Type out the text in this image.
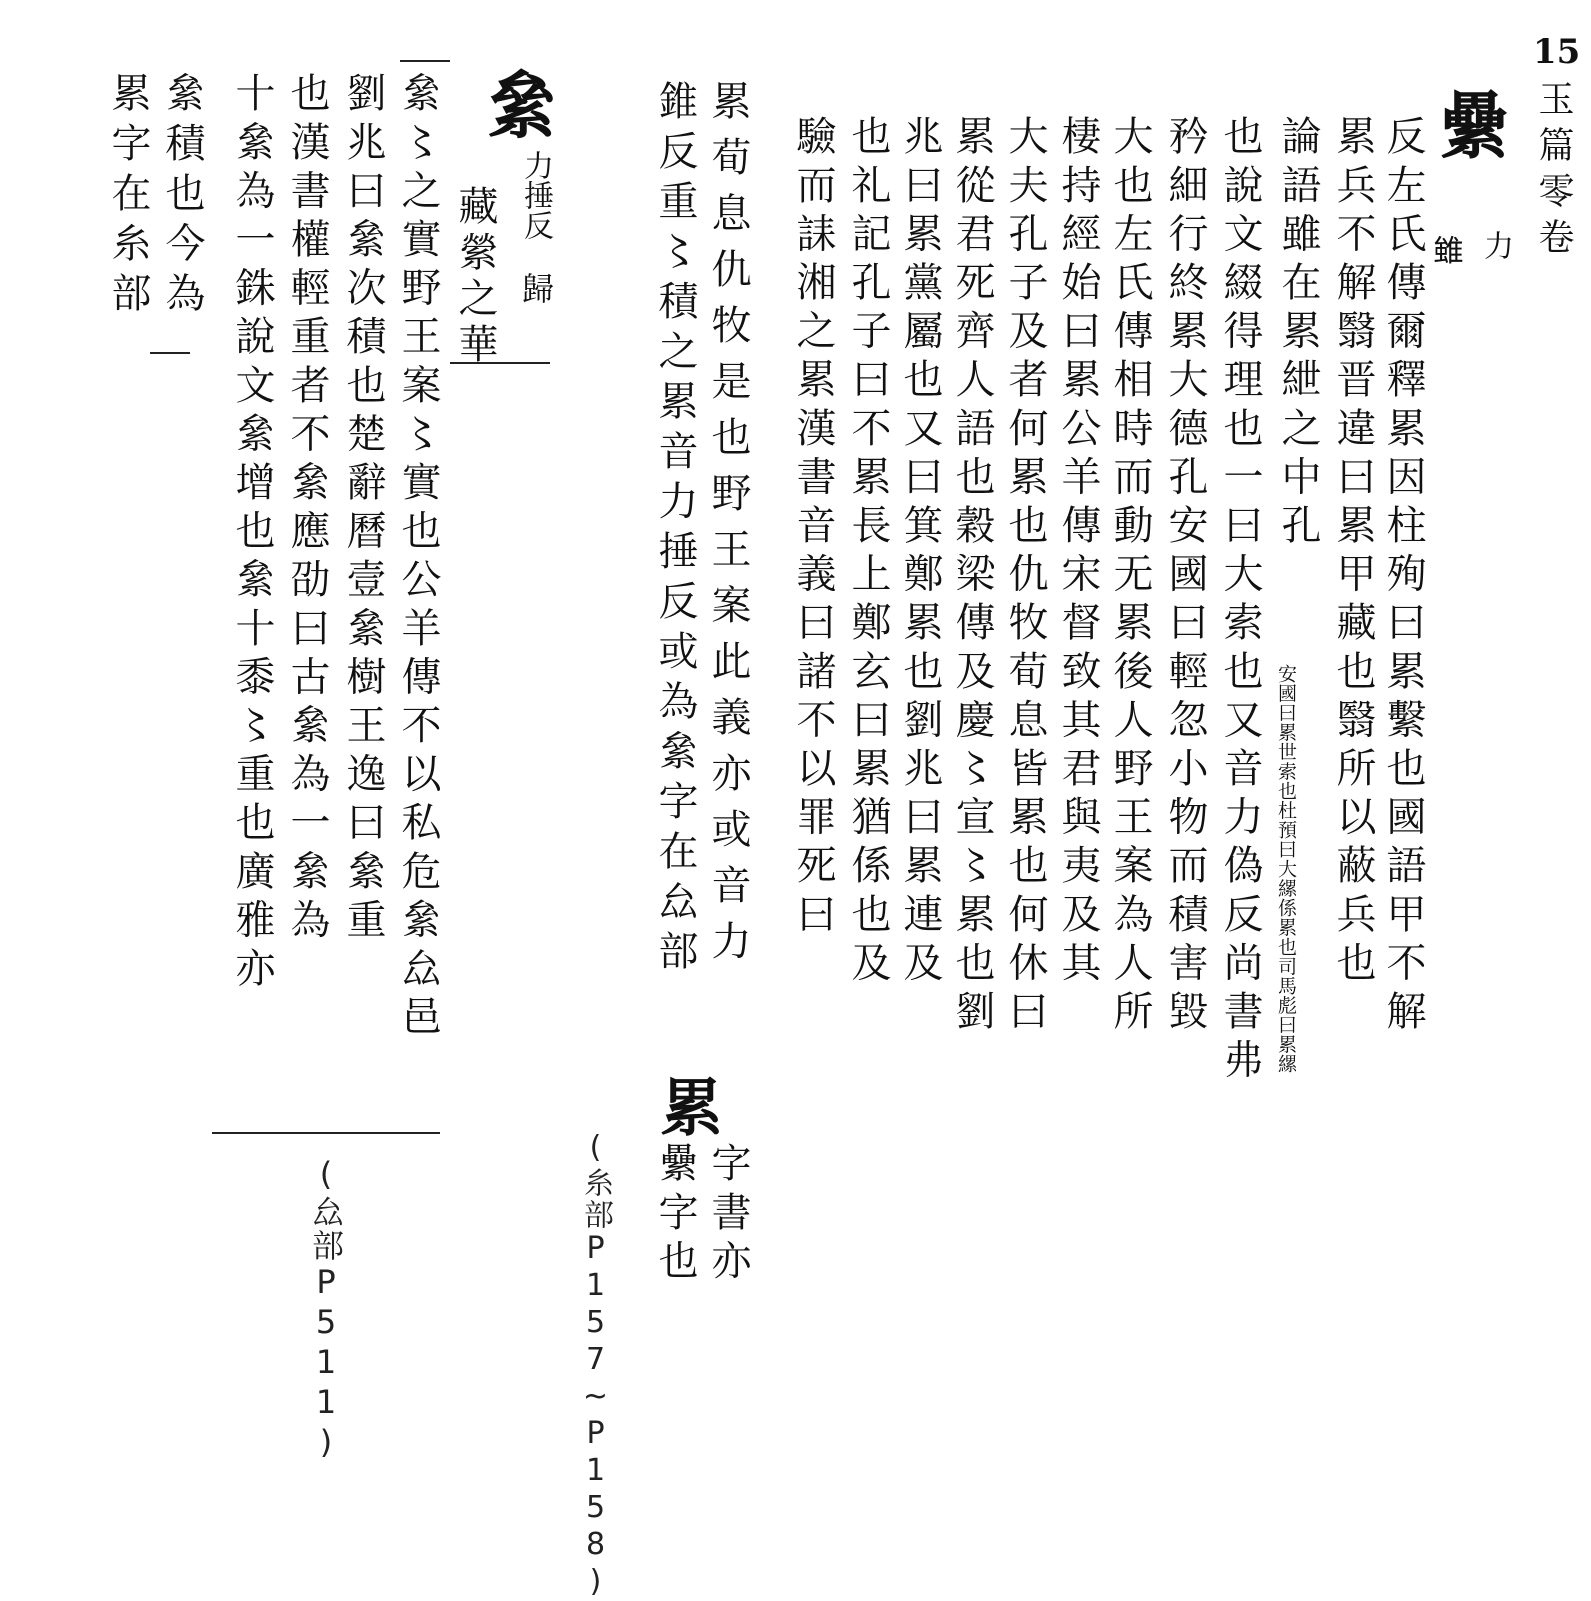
15
玉篇零卷
纍
力
𨿽
反左氏傳爾釋累因柱殉曰累繫也國語甲不解
累兵不解翳晋違曰累甲藏也翳所以蔽兵也
論語雖在累紲之中孔
安國曰累世索也杜預曰大縲係累也司馬彪曰累縲
也說文綴得理也一曰大索也又音力偽反尚書弗
矜細行終累大德孔安國曰輕忽小物而積害毀
大也左氏傳相時而動无累後人野王案為人所
棲持經始曰累公羊傳宋督致其君與夷及其
大夫孔子及者何累也仇牧荀息皆累也何休曰
累從君死齊人語也穀梁傳及慶〻宣〻累也劉
兆曰累黨屬也又曰箕鄭累也劉兆曰累連及
也礼記孔子曰不累長上鄭玄曰累猶係也及
驗而誄湘之累漢書音義曰諸不以罪死曰
累荀息仇牧是也野王案此義亦或音力
錐反重〻積之累音力捶反或為絫字在厽部
累
字書亦
纍字也
(糸部P157~P158)
絫
力捶反
歸
藏縈之華
絫〻之實野王案〻實也公羊傳不以私危絫厽邑
劉兆曰絫次積也楚辭曆壹絫樹王逸曰絫重
也漢書權輕重者不絫應劭曰古絫為一絫為
十絫為一銖說文絫增也絫十黍〻重也廣雅亦
絫積也今為
累字在糸部
(厽部P511)
